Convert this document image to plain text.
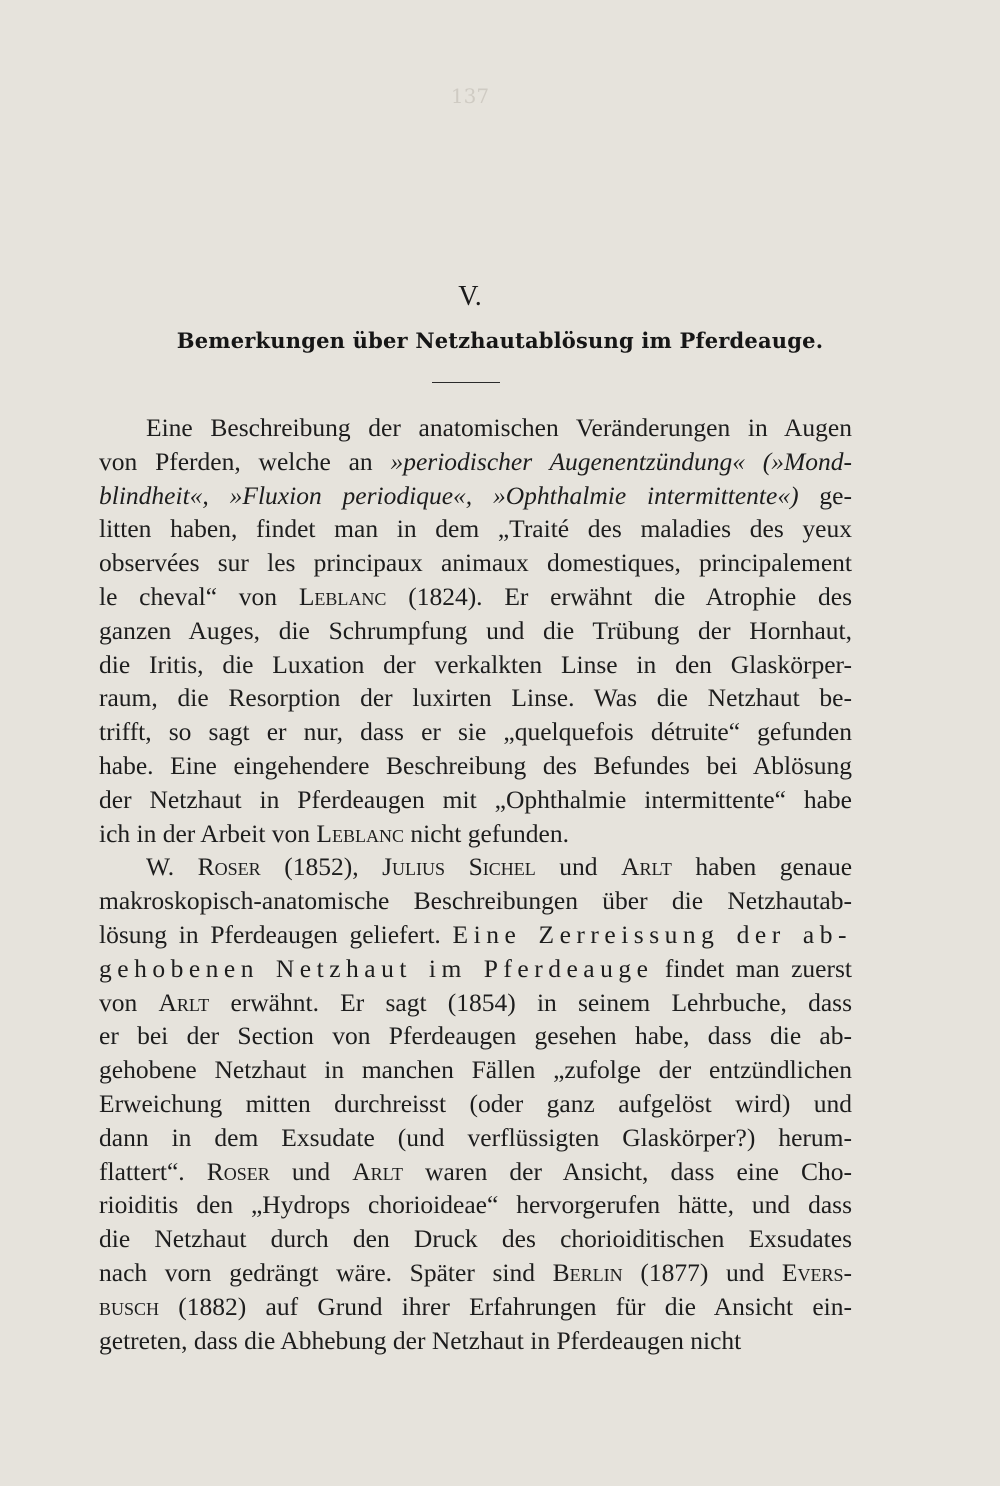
137
V.
Bemerkungen über Netzhautablösung im Pferdeauge.
Eine Beschreibung der anatomischen Veränderungen in Augen
von Pferden, welche an »periodischer Augenentzündung« (»Mond-
blindheit«, »Fluxion periodique«, »Ophthalmie intermittente«) ge-
litten haben, findet man in dem „Traité des maladies des yeux
observées sur les principaux animaux domestiques, principalement
le cheval“ von Leblanc (1824). Er erwähnt die Atrophie des
ganzen Auges, die Schrumpfung und die Trübung der Hornhaut,
die Iritis, die Luxation der verkalkten Linse in den Glaskörper-
raum, die Resorption der luxirten Linse. Was die Netzhaut be-
trifft, so sagt er nur, dass er sie „quelquefois détruite“ gefunden
habe. Eine eingehendere Beschreibung des Befundes bei Ablösung
der Netzhaut in Pferdeaugen mit „Ophthalmie intermittente“ habe
ich in der Arbeit von Leblanc nicht gefunden.
W. Roser (1852), Julius Sichel und Arlt haben genaue
makroskopisch-anatomische Beschreibungen über die Netzhautab-
lösung in Pferdeaugen geliefert. Eine Zerreissung der ab-
gehobenen Netzhaut im Pferdeauge findet man zuerst
von Arlt erwähnt. Er sagt (1854) in seinem Lehrbuche, dass
er bei der Section von Pferdeaugen gesehen habe, dass die ab-
gehobene Netzhaut in manchen Fällen „zufolge der entzündlichen
Erweichung mitten durchreisst (oder ganz aufgelöst wird) und
dann in dem Exsudate (und verflüssigten Glaskörper?) herum-
flattert“. Roser und Arlt waren der Ansicht, dass eine Cho-
rioiditis den „Hydrops chorioideae“ hervorgerufen hätte, und dass
die Netzhaut durch den Druck des chorioiditischen Exsudates
nach vorn gedrängt wäre. Später sind Berlin (1877) und Evers-
busch (1882) auf Grund ihrer Erfahrungen für die Ansicht ein-
getreten, dass die Abhebung der Netzhaut in Pferdeaugen nicht
